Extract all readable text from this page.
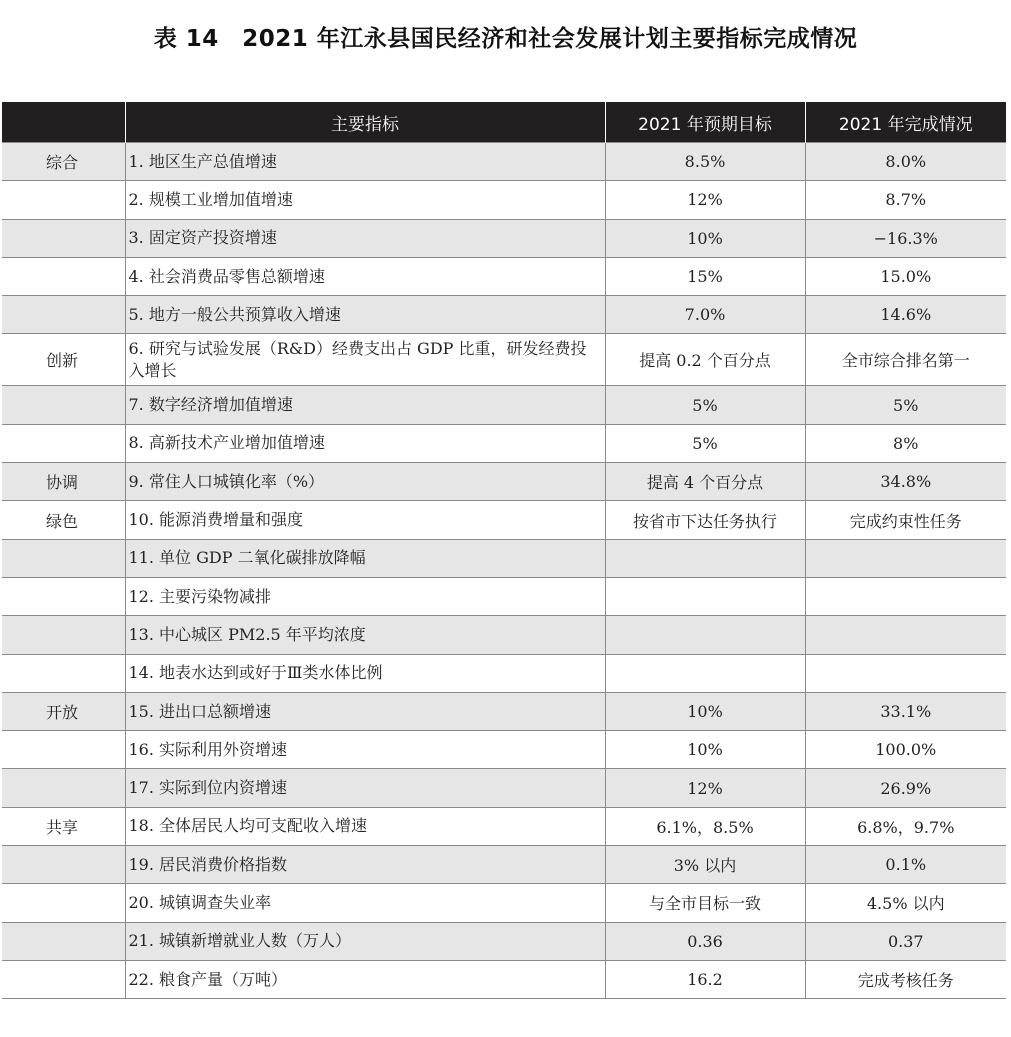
表 14　2021 年江永县国民经济和社会发展计划主要指标完成情况
	主要指标	2021 年预期目标	2021 年完成情况
综合	1. 地区生产总值增速	8.5%	8.0%
	2. 规模工业增加值增速	12%	8.7%
	3. 固定资产投资增速	10%	−16.3%
	4. 社会消费品零售总额增速	15%	15.0%
	5. 地方一般公共预算收入增速	7.0%	14.6%
创新	6. 研究与试验发展（R&D）经费支出占 GDP 比重，研发经费投入增长	提高 0.2 个百分点	全市综合排名第一
	7. 数字经济增加值增速	5%	5%
	8. 高新技术产业增加值增速	5%	8%
协调	9. 常住人口城镇化率（%）	提高 4 个百分点	34.8%
绿色	10. 能源消费增量和强度	按省市下达任务执行	完成约束性任务
	11. 单位 GDP 二氧化碳排放降幅		
	12. 主要污染物减排		
	13. 中心城区 PM2.5 年平均浓度		
	14. 地表水达到或好于Ⅲ类水体比例		
开放	15. 进出口总额增速	10%	33.1%
	16. 实际利用外资增速	10%	100.0%
	17. 实际到位内资增速	12%	26.9%
共享	18. 全体居民人均可支配收入增速	6.1%，8.5%	6.8%，9.7%
	19. 居民消费价格指数	3% 以内	0.1%
	20. 城镇调查失业率	与全市目标一致	4.5% 以内
	21. 城镇新增就业人数（万人）	0.36	0.37
	22. 粮食产量（万吨）	16.2	完成考核任务
